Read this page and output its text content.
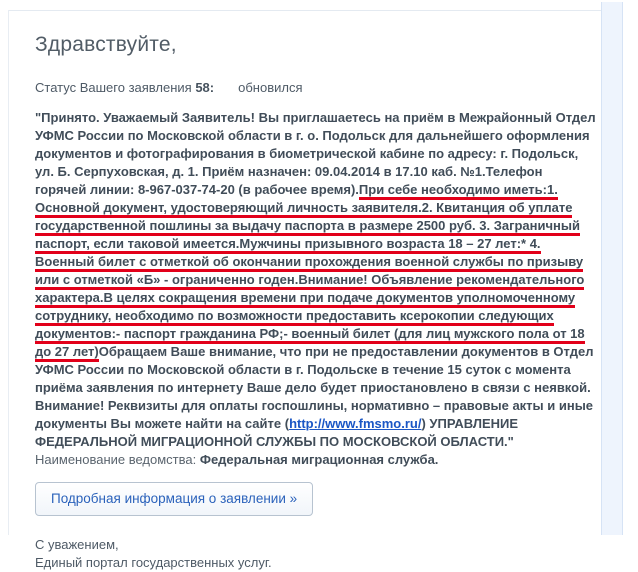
Здравствуйте,

Статус Вашего заявления 58: обновился

"Принято. Уважаемый Заявитель! Вы приглашаетесь на приём в Межрайонный Отдел УФМС России по Московской области в г. о. Подольск для дальнейшего оформления документов и фотографирования в биометрической кабине по адресу: г. Подольск, ул. Б. Серпуховская, д. 1. Приём назначен: 09.04.2014 в 17.10 каб. №1.Телефон горячей линии: 8-967-037-74-20 (в рабочее время).При себе необходимо иметь:1. Основной документ, удостоверяющий личность заявителя.2. Квитанция об уплате государственной пошлины за выдачу паспорта в размере 2500 руб. 3. Заграничный паспорт, если таковой имеется.Мужчины призывного возраста 18 – 27 лет:* 4. Военный билет с отметкой об окончании прохождения военной службы по призыву или с отметкой «Б» - ограниченно годен.Внимание! Объявление рекомендательного характера.В целях сокращения времени при подаче документов уполномоченному сотруднику, необходимо по возможности предоставить ксерокопии следующих документов:- паспорт гражданина РФ;- военный билет (для лиц мужского пола от 18 до 27 лет)Обращаем Ваше внимание, что при не предоставлении документов в Отдел УФМС России по Московской области в г. Подольске в течение 15 суток с момента приёма заявления по интернету Ваше дело будет приостановлено в связи с неявкой. Внимание! Реквизиты для оплаты госпошлины, нормативно – правовые акты и иные документы Вы можете найти на сайте (http://www.fmsmo.ru/) УПРАВЛЕНИЕ ФЕДЕРАЛЬНОЙ МИГРАЦИОННОЙ СЛУЖБЫ ПО МОСКОВСКОЙ ОБЛАСТИ."

Наименование ведомства: Федеральная миграционная служба.

Подробная информация о заявлении »

С уважением,
Единый портал государственных услуг.
